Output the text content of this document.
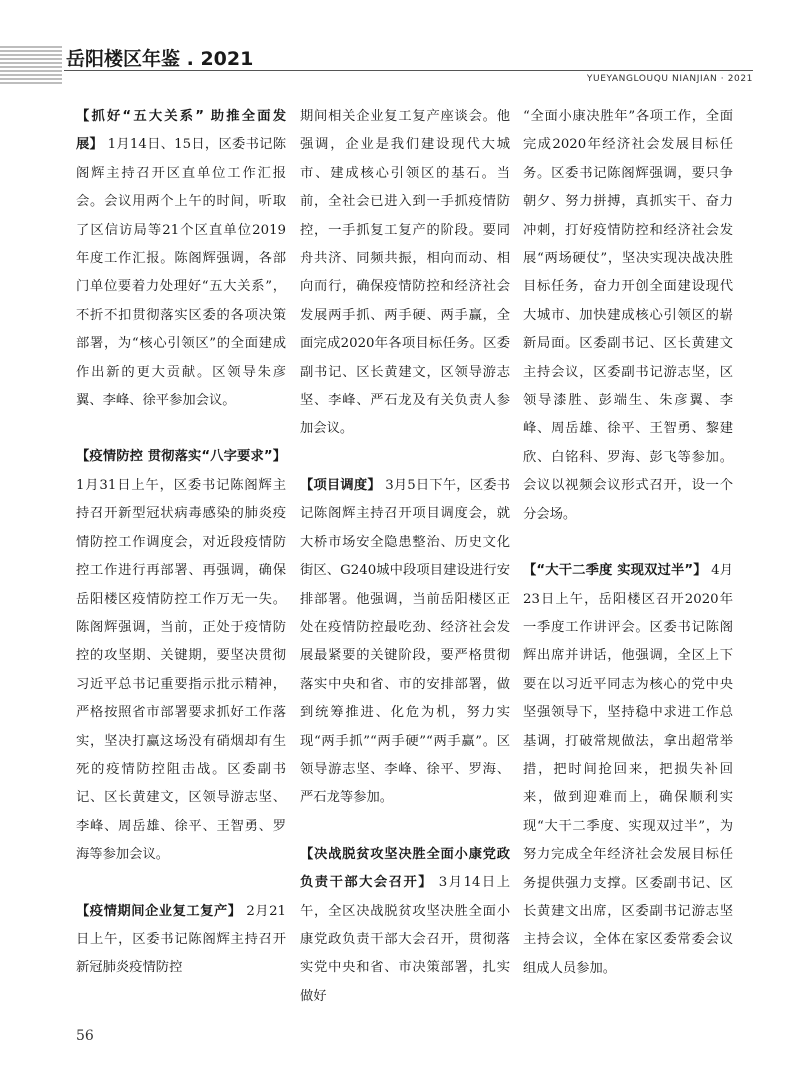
岳阳楼区年鉴 . 2021
YUEYANGLOUQU NIANJIAN · 2021

【抓好“五大关系” 助推全面发 展】 1月14日、15日，区委书记陈阁辉主持召开区直单位工作汇报会。会议用两个上午的时间，听取了区信访局等21个区直单位2019年度工作汇报。陈阁辉强调，各部门单位要着力处理好“五大关系”，不折不扣贯彻落实区委的各项决策部署，为“核心引领区”的全面建成作出新的更大贡献。区领导朱彦翼、李峰、徐平参加会议。

【疫情防控 贯彻落实“八字要求”】 1月31日上午，区委书记陈阁辉主持召开新型冠状病毒感染的肺炎疫情防控工作调度会，对近段疫情防控工作进行再部署、再强调，确保岳阳楼区疫情防控工作万无一失。陈阁辉强调，当前，正处于疫情防控的攻坚期、关键期，要坚决贯彻习近平总书记重要指示批示精神，严格按照省市部署要求抓好工作落实，坚决打赢这场没有硝烟却有生死的疫情防控阻击战。区委副书记、区长黄建文，区领导游志坚、李峰、周岳雄、徐平、王智勇、罗海等参加会议。

【疫情期间企业复工复产】 2月21日上午，区委书记陈阁辉主持召开新冠肺炎疫情防控

期间相关企业复工复产座谈会。他强调，企业是我们建设现代大城市、建成核心引领区的基石。当前，全社会已进入到一手抓疫情防控，一手抓复工复产的阶段。要同舟共济、同频共振，相向而动、相向而行，确保疫情防控和经济社会发展两手抓、两手硬、两手赢，全面完成2020年各项目标任务。区委副书记、区长黄建文，区领导游志坚、李峰、严石龙及有关负责人参加会议。

【项目调度】 3月5日下午，区委书记陈阁辉主持召开项目调度会，就大桥市场安全隐患整治、历史文化街区、G240城中段项目建设进行安排部署。他强调，当前岳阳楼区正处在疫情防控最吃劲、经济社会发展最紧要的关键阶段，要严格贯彻落实中央和省、市的安排部署，做到统筹推进、化危为机，努力实现“两手抓”“两手硬”“两手赢”。区领导游志坚、李峰、徐平、罗海、严石龙等参加。

【决战脱贫攻坚决胜全面小康党政负责干部大会召开】 3月14日上午，全区决战脱贫攻坚决胜全面小康党政负责干部大会召开，贯彻落实党中央和省、市决策部署，扎实做好

“全面小康决胜年”各项工作，全面完成2020年经济社会发展目标任务。区委书记陈阁辉强调，要只争朝夕、努力拼搏，真抓实干、奋力冲刺，打好疫情防控和经济社会发展“两场硬仗”，坚决实现决战决胜目标任务，奋力开创全面建设现代大城市、加快建成核心引领区的崭新局面。区委副书记、区长黄建文主持会议，区委副书记游志坚，区领导漆胜、彭端生、朱彦翼、李峰、周岳雄、徐平、王智勇、黎建欣、白铭科、罗海、彭飞等参加。会议以视频会议形式召开，设一个分会场。

【“大干二季度 实现双过半”】 4月23日上午，岳阳楼区召开2020年一季度工作讲评会。区委书记陈阁辉出席并讲话，他强调，全区上下要在以习近平同志为核心的党中央坚强领导下，坚持稳中求进工作总基调，打破常规做法，拿出超常举措，把时间抢回来，把损失补回来，做到迎难而上，确保顺利实现“大干二季度、实现双过半”，为努力完成全年经济社会发展目标任务提供强力支撑。区委副书记、区长黄建文出席，区委副书记游志坚主持会议，全体在家区委常委会议组成人员参加。

56
